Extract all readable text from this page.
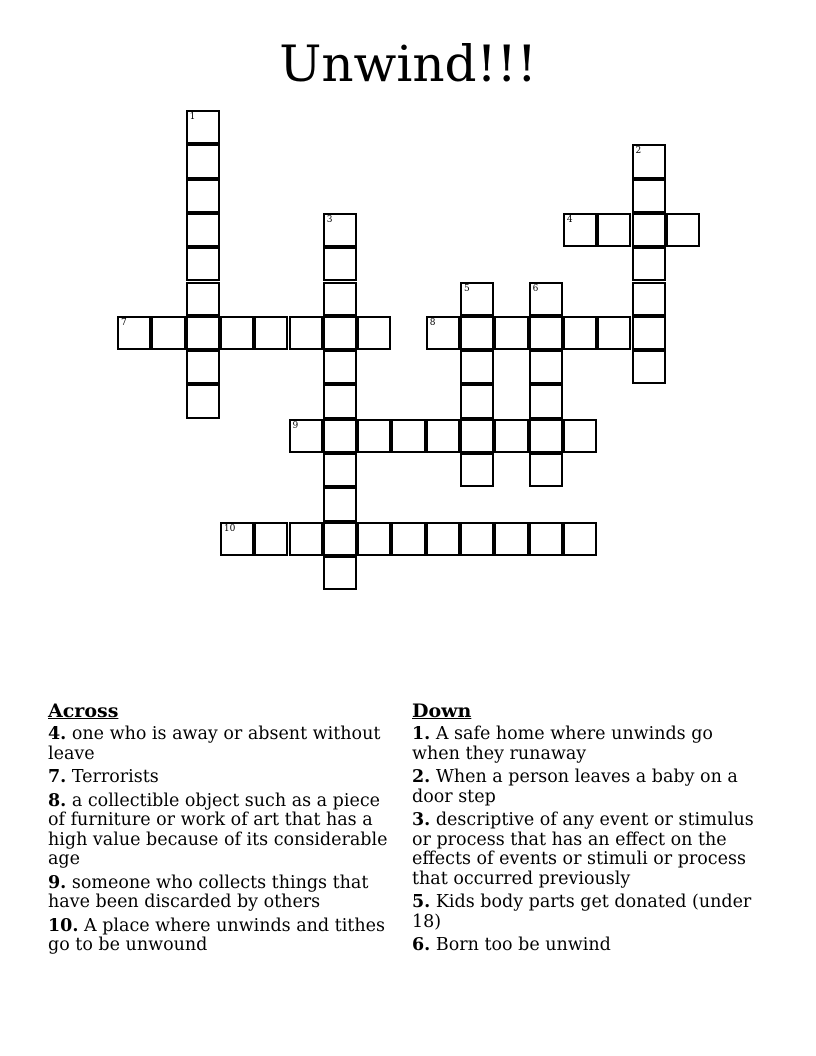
Unwind!!!
1
2
3	4
5	6
7	8
9
10
Across
4. one who is away or absent without leave
7. Terrorists
8. a collectible object such as a piece of furniture or work of art that has a high value because of its considerable age
9. someone who collects things that have been discarded by others
10. A place where unwinds and tithes go to be unwound
Down
1. A safe home where unwinds go when they runaway
2. When a person leaves a baby on a door step
3. descriptive of any event or stimulus or process that has an effect on the effects of events or stimuli or process that occurred previously
5. Kids body parts get donated (under 18)
6. Born too be unwind
